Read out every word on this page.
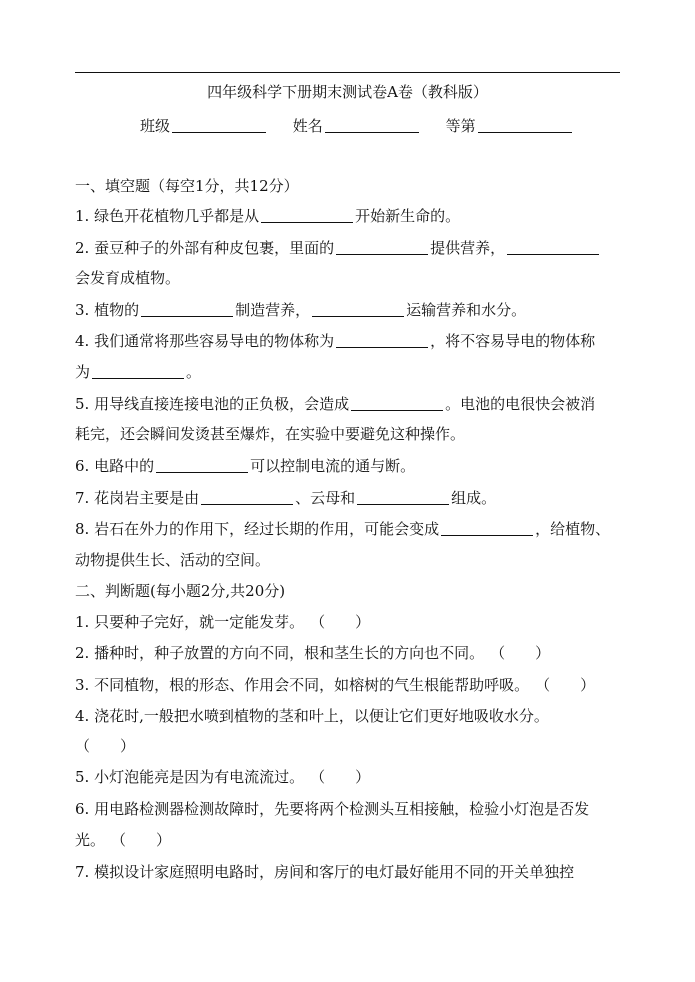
四年级科学下册期末测试卷A卷（教科版）
班级	姓名	等第
一、填空题（每空1分，共12分）
1. 绿色开花植物几乎都是从	开始新生命的。
2. 蚕豆种子的外部有种皮包裹，里面的	提供营养，
会发育成植物。
3. 植物的	制造营养，	运输营养和水分。
4. 我们通常将那些容易导电的物体称为	，将不容易导电的物体称
为	。
5. 用导线直接连接电池的正负极，会造成	。电池的电很快会被消
耗完，还会瞬间发烫甚至爆炸，在实验中要避免这种操作。
6. 电路中的	可以控制电流的通与断。
7. 花岗岩主要是由	、云母和	组成。
8. 岩石在外力的作用下，经过长期的作用，可能会变成	，给植物、
动物提供生长、活动的空间。
二、判断题(每小题2分,共20分)
1. 只要种子完好，就一定能发芽。 （　　）
2. 播种时，种子放置的方向不同，根和茎生长的方向也不同。 （　　）
3. 不同植物，根的形态、作用会不同，如榕树的气生根能帮助呼吸。 （　　）
4. 浇花时,一般把水喷到植物的茎和叶上，以便让它们更好地吸收水分。
（　　）
5. 小灯泡能亮是因为有电流流过。 （　　）
6. 用电路检测器检测故障时，先要将两个检测头互相接触，检验小灯泡是否发
光。 （　　）
7. 模拟设计家庭照明电路时，房间和客厅的电灯最好能用不同的开关单独控
